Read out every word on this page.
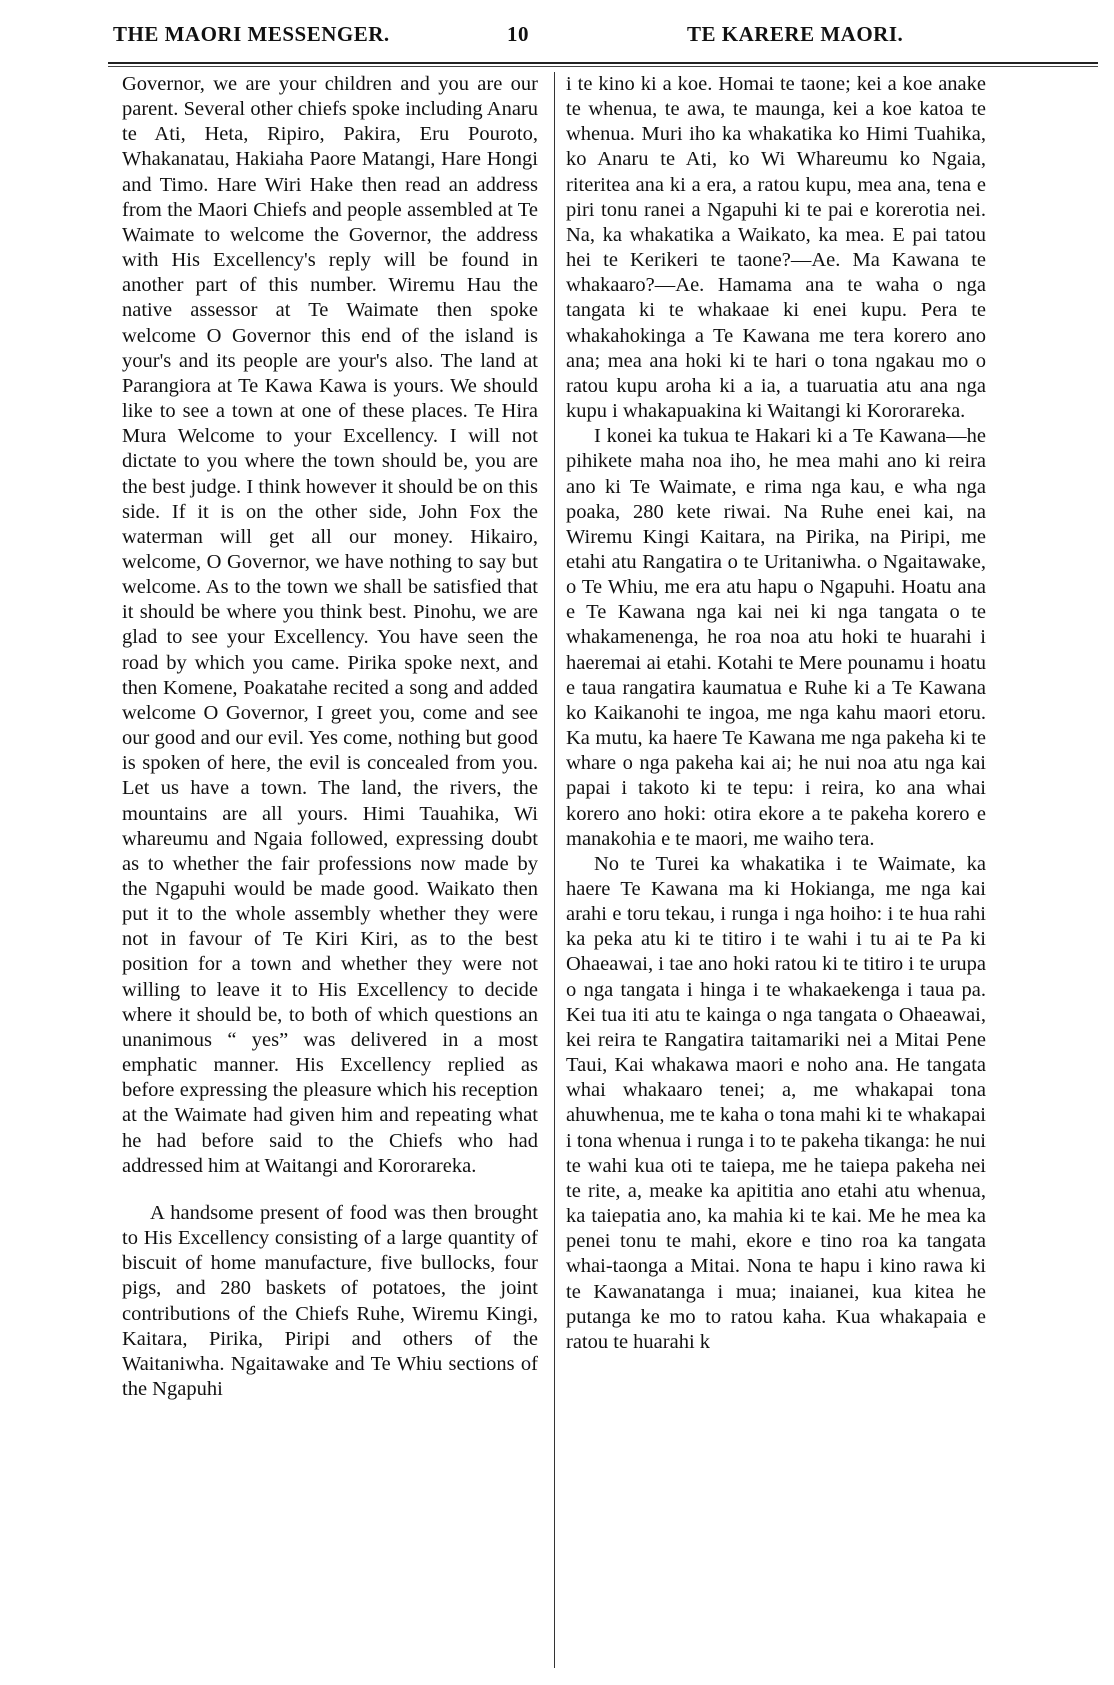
THE MAORI MESSENGER.	10	TE KARERE MAORI.

Governor, we are your children and you are our parent. Several other chiefs spoke including Anaru te Ati, Heta, Ripiro, Pakira, Eru Pouroto, Whakanatau, Hakiaha Paore Matangi, Hare Hongi and Timo. Hare Wiri Hake then read an address from the Maori Chiefs and people assembled at Te Waimate to welcome the Governor, the address with His Excellency's reply will be found in another part of this number. Wiremu Hau the native assessor at Te Waimate then spoke welcome O Governor this end of the island is your's and its people are your's also. The land at Parangiora at Te Kawa Kawa is yours. We should like to see a town at one of these places. Te Hira Mura Welcome to your Excellency. I will not dictate to you where the town should be, you are the best judge. I think however it should be on this side. If it is on the other side, John Fox the waterman will get all our money. Hikairo, welcome, O Governor, we have nothing to say but welcome. As to the town we shall be satisfied that it should be where you think best. Pinohu, we are glad to see your Excellency. You have seen the road by which you came. Pirika spoke next, and then Komene, Poakatahe recited a song and added welcome O Governor, I greet you, come and see our good and our evil. Yes come, nothing but good is spoken of here, the evil is concealed from you. Let us have a town. The land, the rivers, the mountains are all yours. Himi Tauahika, Wi whareumu and Ngaia followed, expressing doubt as to whether the fair professions now made by the Ngapuhi would be made good. Waikato then put it to the whole assembly whether they were not in favour of Te Kiri Kiri, as to the best position for a town and whether they were not willing to leave it to His Excellency to decide where it should be, to both of which questions an unanimous “ yes” was delivered in a most emphatic manner. His Excellency replied as before expressing the pleasure which his reception at the Waimate had given him and repeating what he had before said to the Chiefs who had addressed him at Waitangi and Kororareka.

A handsome present of food was then brought to His Excellency consisting of a large quantity of biscuit of home manufacture, five bullocks, four pigs, and 280 baskets of potatoes, the joint contributions of the Chiefs Ruhe, Wiremu Kingi, Kaitara, Pirika, Piripi and others of the Waitaniwha. Ngaitawake and Te Whiu sections of the Ngapuhi

i te kino ki a koe. Homai te taone; kei a koe anake te whenua, te awa, te maunga, kei a koe katoa te whenua. Muri iho ka whakatika ko Himi Tuahika, ko Anaru te Ati, ko Wi Whareumu ko Ngaia, riteritea ana ki a era, a ratou kupu, mea ana, tena e piri tonu ranei a Ngapuhi ki te pai e korerotia nei. Na, ka whakatika a Waikato, ka mea. E pai tatou hei te Kerikeri te taone?—Ae. Ma Kawana te whakaaro?—Ae. Hamama ana te waha o nga tangata ki te whakaae ki enei kupu. Pera te whakahokinga a Te Kawana me tera korero ano ana; mea ana hoki ki te hari o tona ngakau mo o ratou kupu aroha ki a ia, a tuaruatia atu ana nga kupu i whakapuakina ki Waitangi ki Kororareka.

I konei ka tukua te Hakari ki a Te Kawana—he pihikete maha noa iho, he mea mahi ano ki reira ano ki Te Waimate, e rima nga kau, e wha nga poaka, 280 kete riwai. Na Ruhe enei kai, na Wiremu Kingi Kaitara, na Pirika, na Piripi, me etahi atu Rangatira o te Uritaniwha. o Ngaitawake, o Te Whiu, me era atu hapu o Ngapuhi. Hoatu ana e Te Kawana nga kai nei ki nga tangata o te whakamenenga, he roa noa atu hoki te huarahi i haeremai ai etahi. Kotahi te Mere pounamu i hoatu e taua rangatira kaumatua e Ruhe ki a Te Kawana ko Kaikanohi te ingoa, me nga kahu maori etoru. Ka mutu, ka haere Te Kawana me nga pakeha ki te whare o nga pakeha kai ai; he nui noa atu nga kai papai i takoto ki te tepu: i reira, ko ana whai korero ano hoki: otira ekore a te pakeha korero e manakohia e te maori, me waiho tera.

No te Turei ka whakatika i te Waimate, ka haere Te Kawana ma ki Hokianga, me nga kai arahi e toru tekau, i runga i nga hoiho: i te hua rahi ka peka atu ki te titiro i te wahi i tu ai te Pa ki Ohaeawai, i tae ano hoki ratou ki te titiro i te urupa o nga tangata i hinga i te whakaekenga i taua pa. Kei tua iti atu te kainga o nga tangata o Ohaeawai, kei reira te Rangatira taitamariki nei a Mitai Pene Taui, Kai whakawa maori e noho ana. He tangata whai whakaaro tenei; a, me whakapai tona ahuwhenua, me te kaha o tona mahi ki te whakapai i tona whenua i runga i to te pakeha tikanga: he nui te wahi kua oti te taiepa, me he taiepa pakeha nei te rite, a, meake ka apititia ano etahi atu whenua, ka taiepatia ano, ka mahia ki te kai. Me he mea ka penei tonu te mahi, ekore e tino roa ka tangata whai-taonga a Mitai. Nona te hapu i kino rawa ki te Kawanatanga i mua; inaianei, kua kitea he putanga ke mo to ratou kaha. Kua whakapaia e ratou te huarahi k
